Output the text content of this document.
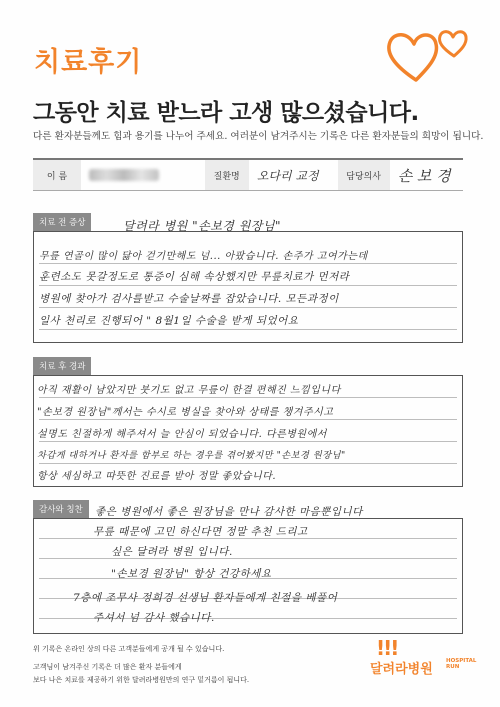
치료후기
그동안 치료 받느라 고생 많으셨습니다.
다른 환자분들께도 힘과 용기를 나누어 주세요. 여러분이 남겨주시는 기록은 다른 환자분들의 희망이 됩니다.
이 름	질환명	오다리 교정	담당의사	손 보 경
치료 전 증상	달려라 병원 "손보경 원장님"
무릎 연골이 많이 닳아 걷기만해도 넘... 아팠습니다. 손주가 고여가는데
훈련소도 못갈정도로 통증이 심해 속상했지만 무릎치료가 먼저라
병원에 찾아가 검사를받고 수술날짜를 잡았습니다. 모든과정이
일사 천리로 진행되어 " 8월1일 수술을 받게 되었어요
치료 후 경과
아직 재활이 남았지만 붓기도 없고 무릎이 한결 편해진 느낌입니다
"손보경 원장님"께서는 수시로 병실을 찾아와 상태를 챙겨주시고
설명도 친절하게 해주셔서 늘 안심이 되었습니다. 다른병원에서
차갑게 대하거나 환자를 함부로 하는 경우를 겪어봤지만 "손보경 원장님"
항상 세심하고 따뜻한 진료를 받아 정말 좋았습니다.
감사와 칭찬	좋은 병원에서 좋은 원장님을 만나 감사한 마음뿐입니다
무릎 때문에 고민 하신다면 정말 추천 드리고
싶은 달려라 병원 입니다.
"손보경 원장님" 항상 건강하세요
7층에 조무사 정희경 선생님 환자들에게 친절을 베풀어
주셔서 넘 감사 했습니다.
위 기록은 온라인 상의 다른 고객분들에게 공개 될 수 있습니다.
고객님이 남겨주신 기록은 더 많은 환자 분들에게
보다 나은 치료를 제공하기 위한 달려라병원만의 연구 밑거름이 됩니다.
!!!
달려라병원
HOSPITAL
RUN
